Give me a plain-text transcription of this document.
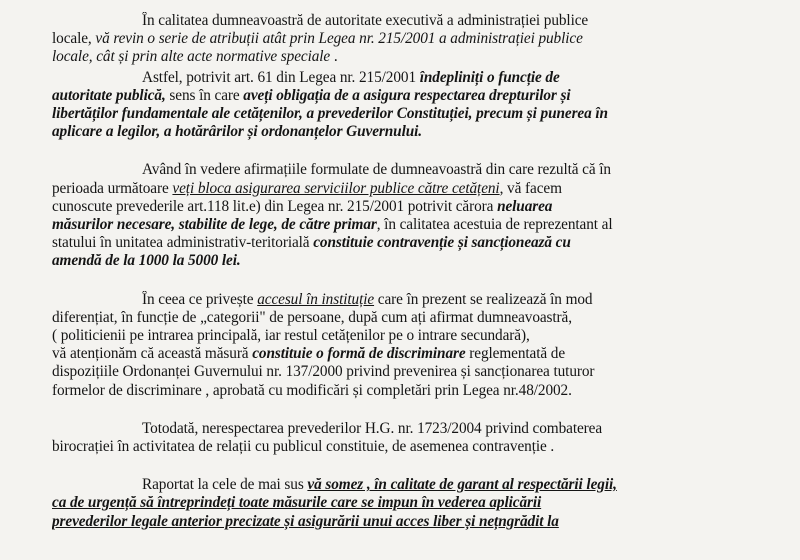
În calitatea dumneavoastră de autoritate executivă a administrației publice
locale, vă revin o serie de atribuții atât prin Legea nr. 215/2001 a administrației publice
locale, cât și prin alte acte normative speciale .
Astfel, potrivit art. 61 din Legea nr. 215/2001 îndepliniți o funcție de
autoritate publică, sens în care aveți obligația de a asigura respectarea drepturilor și
libertăților fundamentale ale cetățenilor, a prevederilor Constituției, precum și punerea în
aplicare a legilor, a hotărârilor și ordonanțelor Guvernului.
Având în vedere afirmațiile formulate de dumneavoastră din care rezultă că în
perioada următoare veți bloca asigurarea serviciilor publice către cetățeni, vă facem
cunoscute prevederile art.118 lit.e) din Legea nr. 215/2001 potrivit cărora neluarea
măsurilor necesare, stabilite de lege, de către primar, în calitatea acestuia de reprezentant al
statului în unitatea administrativ-teritorială constituie contravenție și sancționează cu
amendă de la 1000 la 5000 lei.
În ceea ce privește accesul în instituție care în prezent se realizează în mod
diferențiat, în funcție de „categorii" de persoane, după cum ați afirmat dumneavoastră,
( politicienii pe intrarea principală, iar restul cetățenilor pe o intrare secundară),
vă atenționăm că această măsură constituie o formă de discriminare reglementată de
dispozițiile Ordonanței Guvernului nr. 137/2000 privind prevenirea și sancționarea tuturor
formelor de discriminare , aprobată cu modificări și completări prin Legea nr.48/2002.
Totodată, nerespectarea prevederilor H.G. nr. 1723/2004 privind combaterea
birocrației în activitatea de relații cu publicul constituie, de asemenea contravenție .
Raportat la cele de mai sus vă somez , în calitate de garant al respectării legii,
ca de urgență să întreprindeți toate măsurile care se impun în vederea aplicării
prevederilor legale anterior precizate și asigurării unui acces liber și nețngrădit la
